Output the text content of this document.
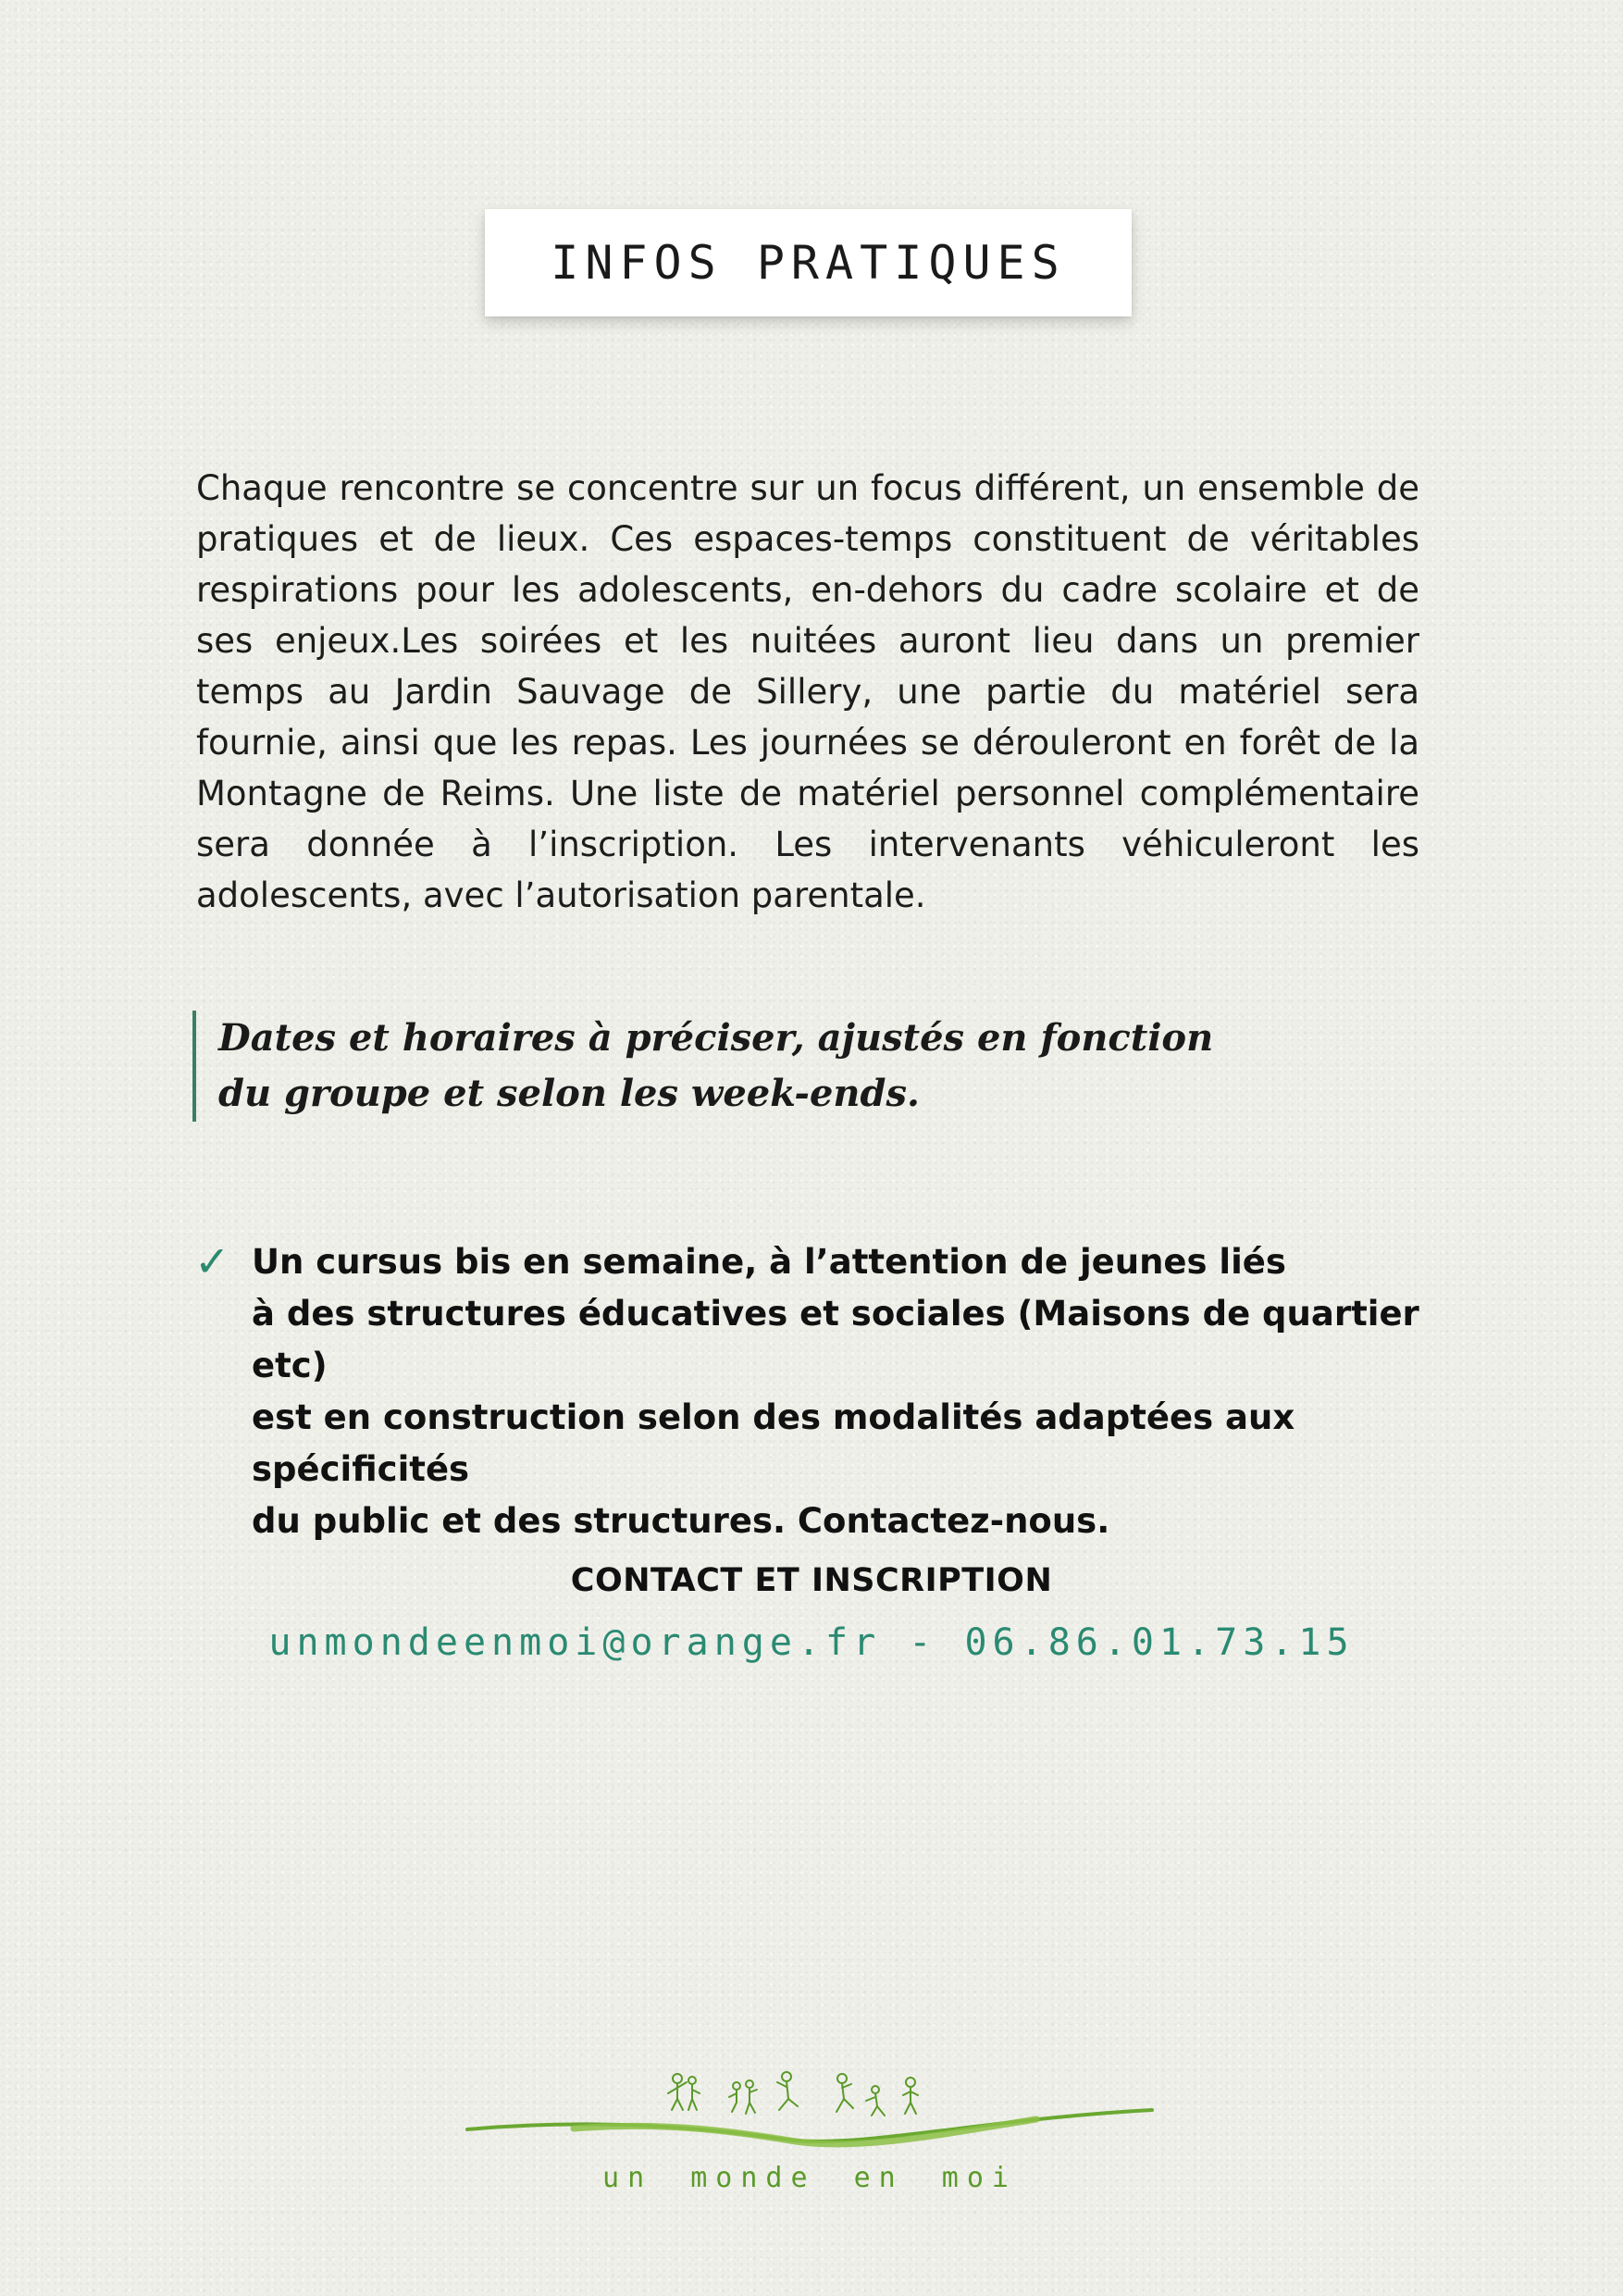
INFOS PRATIQUES

Chaque rencontre se concentre sur un focus différent, un ensemble de pratiques et de lieux. Ces espaces-temps constituent de véritables respirations pour les adolescents, en-dehors du cadre scolaire et de ses enjeux.Les soirées et les nuitées auront lieu dans un premier temps au Jardin Sauvage de Sillery, une partie du matériel sera fournie, ainsi que les repas. Les journées se dérouleront en forêt de la Montagne de Reims. Une liste de matériel personnel complémentaire sera donnée à l’inscription. Les intervenants véhiculeront les adolescents, avec l’autorisation parentale.

Dates et horaires à préciser, ajustés en fonction
du groupe et selon les week-ends.
✓ Un cursus bis en semaine, à l’attention de jeunes liés
à des structures éducatives et sociales (Maisons de quartier etc)
est en construction selon des modalités adaptées aux spécificités
du public et des structures. Contactez-nous.
CONTACT ET INSCRIPTION
unmondeenmoi@orange.fr - 06.86.01.73.15
un monde en moi
